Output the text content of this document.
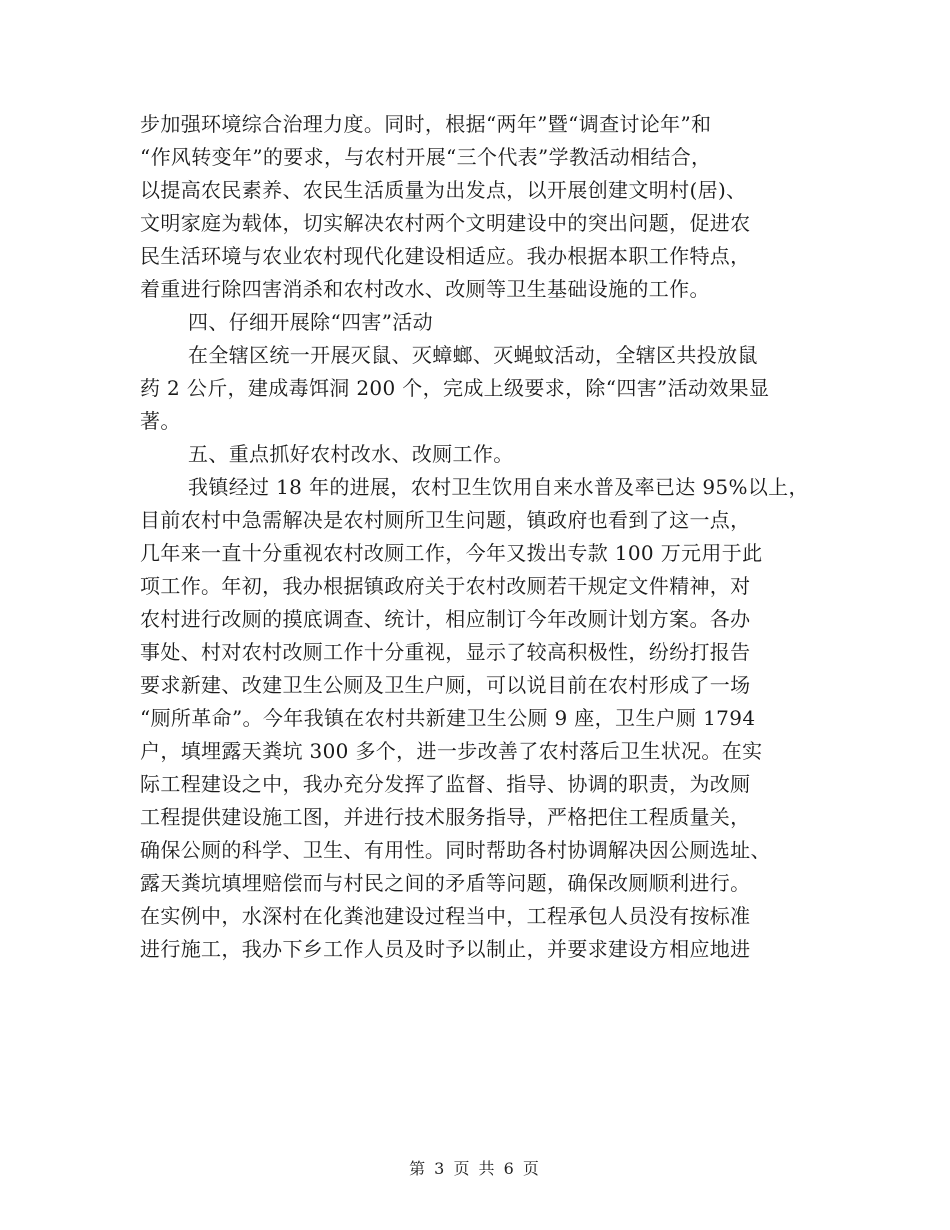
步加强环境综合治理力度。同时，根据“两年”暨“调查讨论年”和
“作风转变年”的要求，与农村开展“三个代表”学教活动相结合，
以提高农民素养、农民生活质量为出发点，以开展创建文明村(居)、
文明家庭为载体，切实解决农村两个文明建设中的突出问题，促进农
民生活环境与农业农村现代化建设相适应。我办根据本职工作特点，
着重进行除四害消杀和农村改水、改厕等卫生基础设施的工作。
四、仔细开展除“四害”活动
在全辖区统一开展灭鼠、灭蟑螂、灭蝇蚊活动，全辖区共投放鼠
药 2 公斤，建成毒饵洞 200 个，完成上级要求，除“四害”活动效果显
著。
五、重点抓好农村改水、改厕工作。
我镇经过 18 年的进展，农村卫生饮用自来水普及率已达 95%以上，
目前农村中急需解决是农村厕所卫生问题，镇政府也看到了这一点，
几年来一直十分重视农村改厕工作，今年又拨出专款 100 万元用于此
项工作。年初，我办根据镇政府关于农村改厕若干规定文件精神，对
农村进行改厕的摸底调查、统计，相应制订今年改厕计划方案。各办
事处、村对农村改厕工作十分重视，显示了较高积极性，纷纷打报告
要求新建、改建卫生公厕及卫生户厕，可以说目前在农村形成了一场
“厕所革命”。今年我镇在农村共新建卫生公厕 9 座，卫生户厕 1794
户，填埋露天粪坑 300 多个，进一步改善了农村落后卫生状况。在实
际工程建设之中，我办充分发挥了监督、指导、协调的职责，为改厕
工程提供建设施工图，并进行技术服务指导，严格把住工程质量关，
确保公厕的科学、卫生、有用性。同时帮助各村协调解决因公厕选址、
露天粪坑填埋赔偿而与村民之间的矛盾等问题，确保改厕顺利进行。
在实例中，水深村在化粪池建设过程当中，工程承包人员没有按标准
进行施工，我办下乡工作人员及时予以制止，并要求建设方相应地进
第 3 页 共 6 页
